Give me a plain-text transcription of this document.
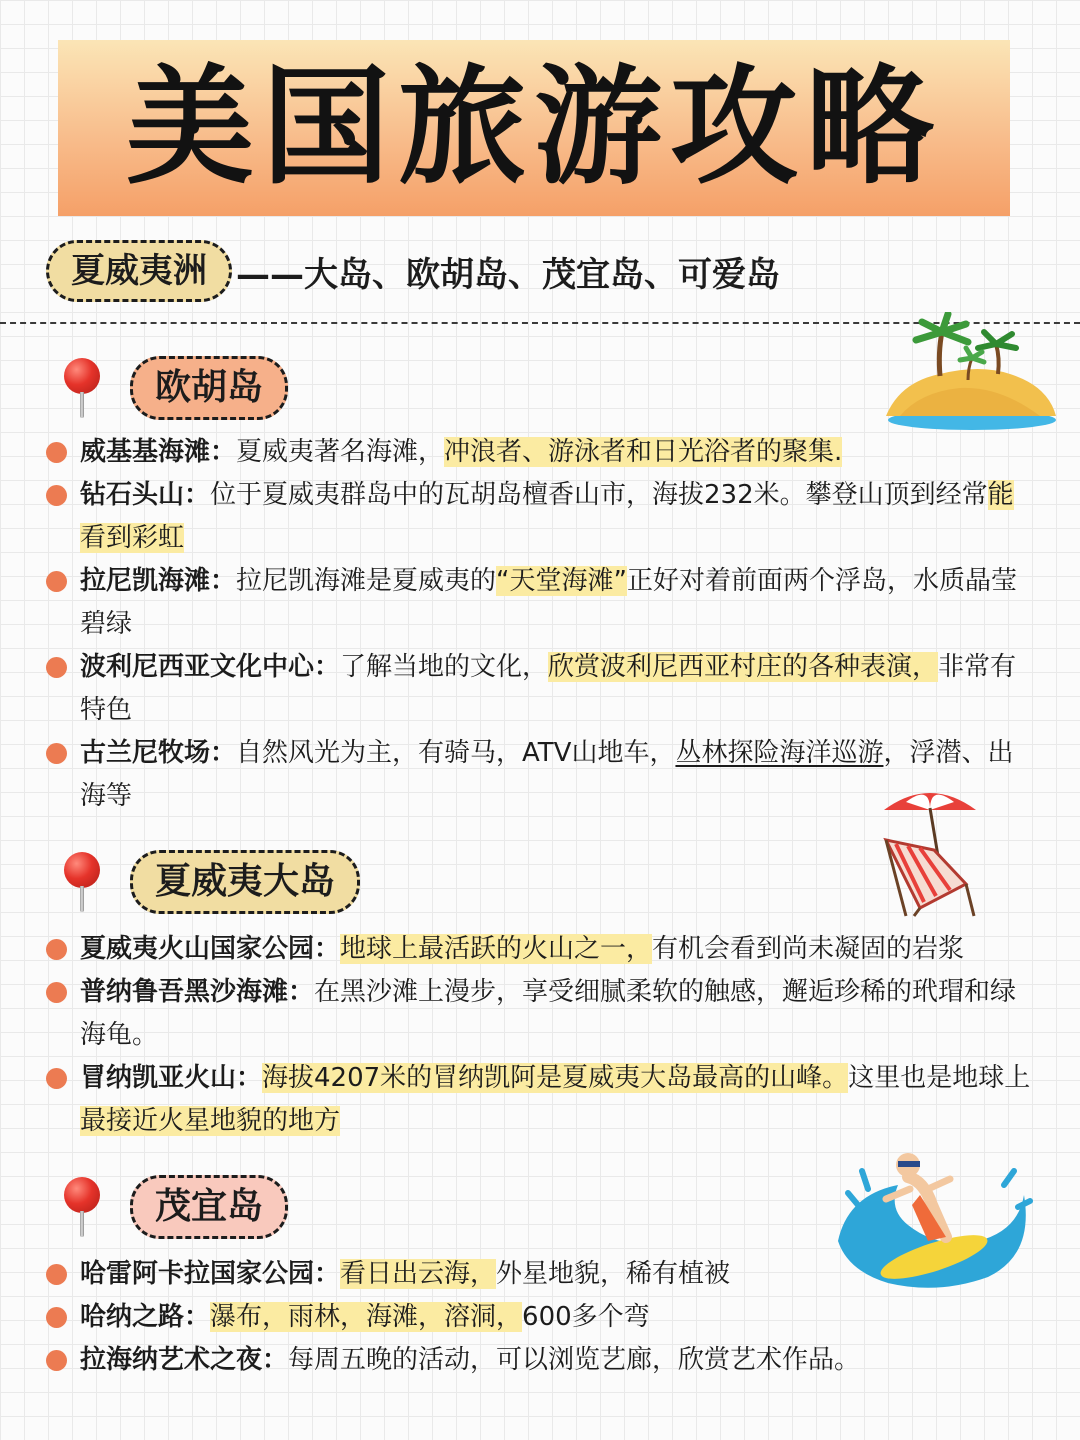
美国旅游攻略
夏威夷洲 ——大岛、欧胡岛、茂宜岛、可爱岛
欧胡岛
威基基海滩：夏威夷著名海滩，冲浪者、游泳者和日光浴者的聚集.
钻石头山：位于夏威夷群岛中的瓦胡岛檀香山市，海拔232米。攀登山顶到经常能看到彩虹
拉尼凯海滩：拉尼凯海滩是夏威夷的“天堂海滩”正好对着前面两个浮岛，水质晶莹碧绿
波利尼西亚文化中心：了解当地的文化，欣赏波利尼西亚村庄的各种表演，非常有特色
古兰尼牧场：自然风光为主，有骑马，ATV山地车，丛林探险海洋巡游，浮潜、出海等
夏威夷大岛
夏威夷火山国家公园：地球上最活跃的火山之一，有机会看到尚未凝固的岩浆
普纳鲁吾黑沙海滩：在黑沙滩上漫步，享受细腻柔软的触感，邂逅珍稀的玳瑁和绿海龟。
冒纳凯亚火山：海拔4207米的冒纳凯阿是夏威夷大岛最高的山峰。这里也是地球上最接近火星地貌的地方
茂宜岛
哈雷阿卡拉国家公园：看日出云海，外星地貌，稀有植被
哈纳之路：瀑布，雨林，海滩，溶洞，600多个弯
拉海纳艺术之夜：每周五晚的活动，可以浏览艺廊，欣赏艺术作品。
